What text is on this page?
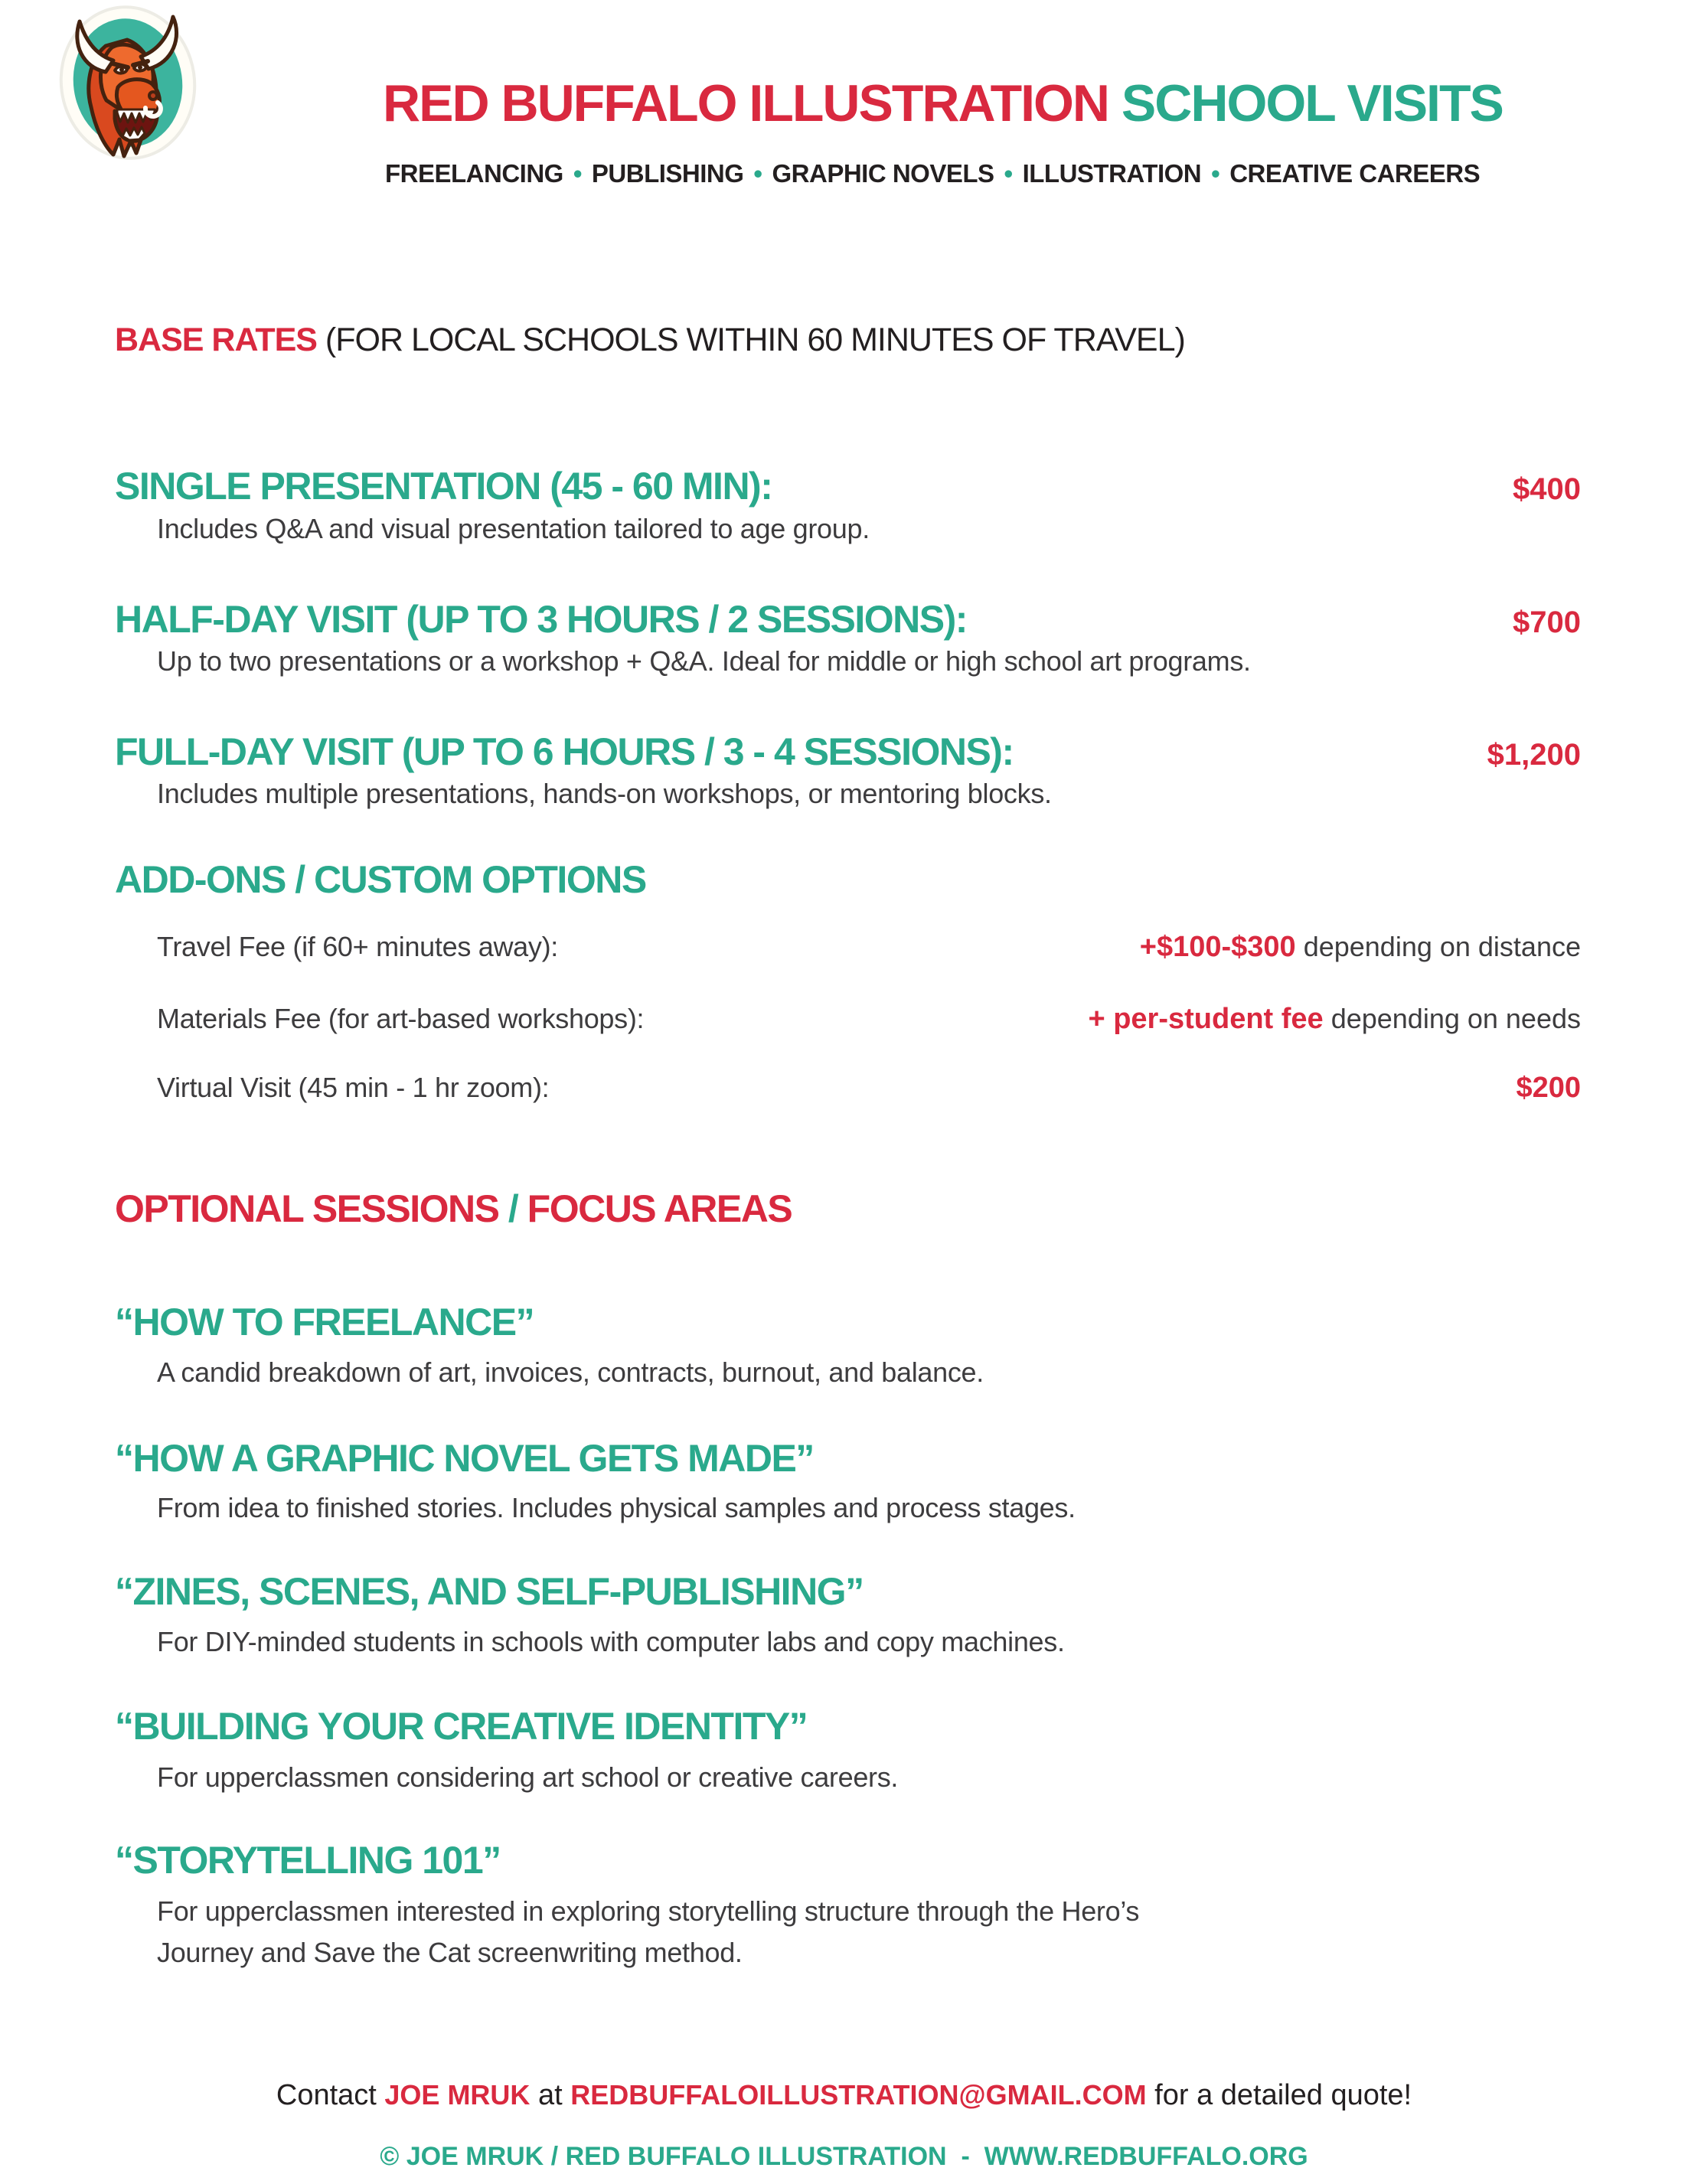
RED BUFFALO ILLUSTRATION SCHOOL VISITS
FREELANCING • PUBLISHING • GRAPHIC NOVELS • ILLUSTRATION • CREATIVE CAREERS
BASE RATES (FOR LOCAL SCHOOLS WITHIN 60 MINUTES OF TRAVEL)
SINGLE PRESENTATION (45 - 60 MIN):	$400
Includes Q&A and visual presentation tailored to age group.
HALF-DAY VISIT (UP TO 3 HOURS / 2 SESSIONS):	$700
Up to two presentations or a workshop + Q&A. Ideal for middle or high school art programs.
FULL-DAY VISIT (UP TO 6 HOURS / 3 - 4 SESSIONS):	$1,200
Includes multiple presentations, hands-on workshops, or mentoring blocks.
ADD-ONS / CUSTOM OPTIONS
Travel Fee (if 60+ minutes away):	+$100-$300 depending on distance
Materials Fee (for art-based workshops):	+ per-student fee depending on needs
Virtual Visit (45 min - 1 hr zoom):	$200
OPTIONAL SESSIONS / FOCUS AREAS
“HOW TO FREELANCE”
A candid breakdown of art, invoices, contracts, burnout, and balance.
“HOW A GRAPHIC NOVEL GETS MADE”
From idea to finished stories. Includes physical samples and process stages.
“ZINES, SCENES, AND SELF-PUBLISHING”
For DIY-minded students in schools with computer labs and copy machines.
“BUILDING YOUR CREATIVE IDENTITY”
For upperclassmen considering art school or creative careers.
“STORYTELLING 101”
For upperclassmen interested in exploring storytelling structure through the Hero’s Journey and Save the Cat screenwriting method.
Contact JOE MRUK at REDBUFFALOILLUSTRATION@GMAIL.COM for a detailed quote!
© JOE MRUK / RED BUFFALO ILLUSTRATION  -  WWW.REDBUFFALO.ORG
